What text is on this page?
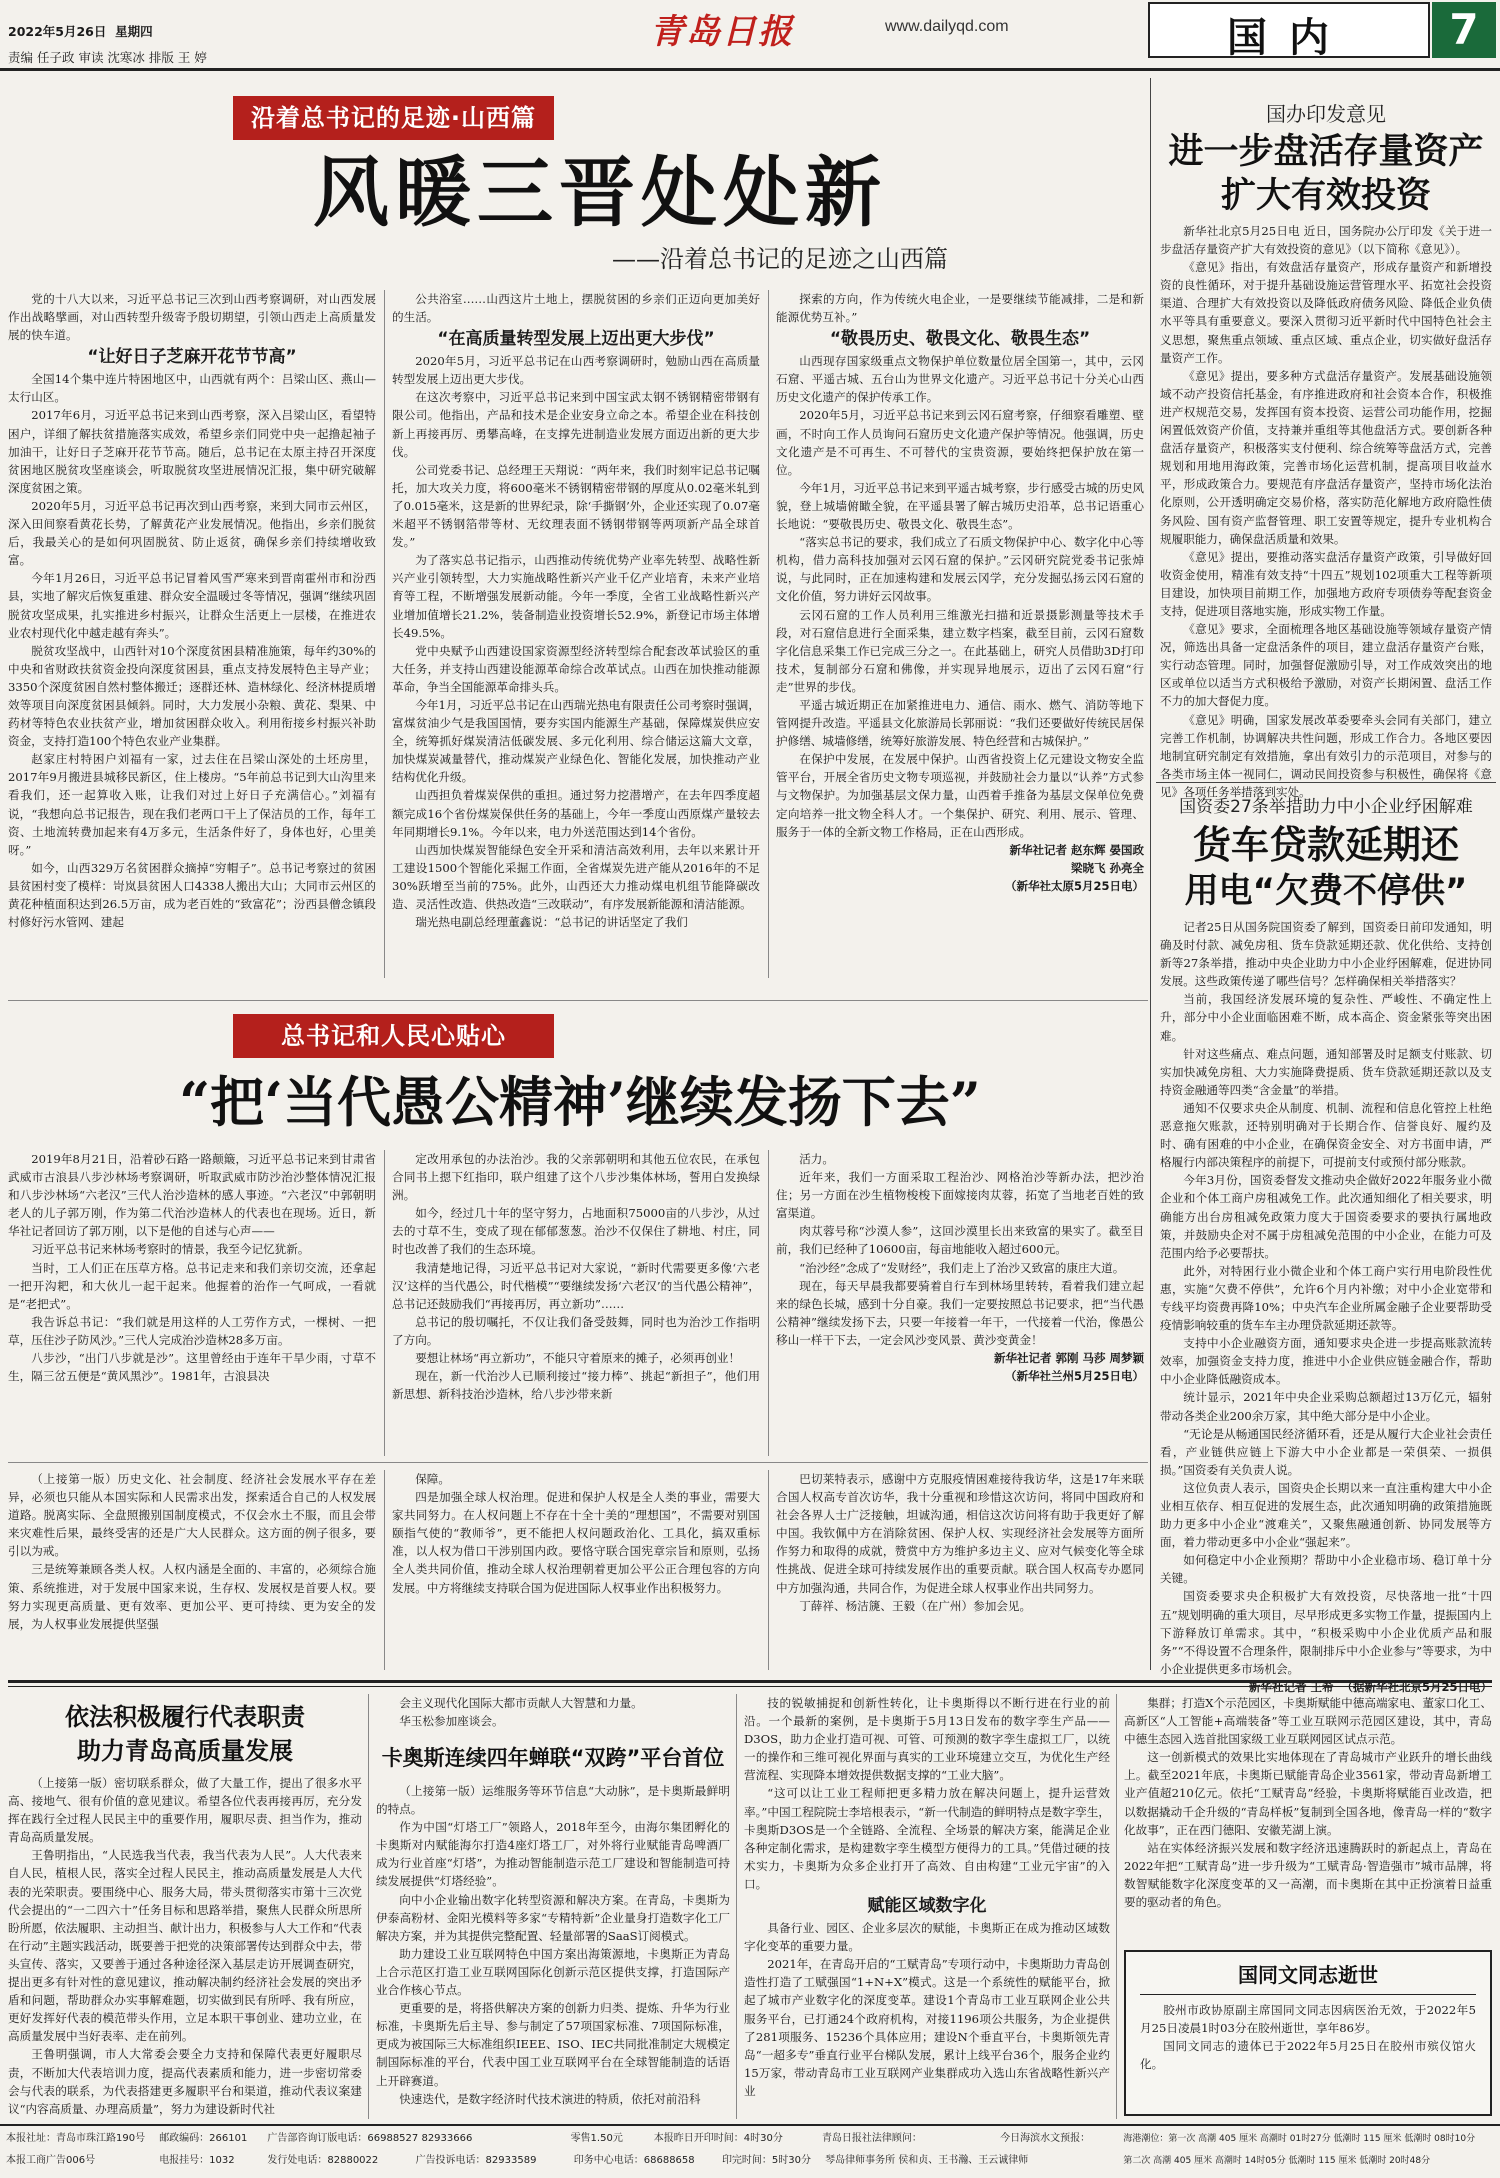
2022年5月26日 星期四
责编 任子政 审读 沈寒冰 排版 王 婷
青岛日报	www.dailyqd.com	国内	7
沿着总书记的足迹·山西篇
风暖三晋处处新
——沿着总书记的足迹之山西篇

党的十八大以来，习近平总书记三次到山西考察调研，对山西发展作出战略擘画，对山西转型升级寄予殷切期望，引领山西走上高质量发展的快车道。

“让好日子芝麻开花节节高”

全国14个集中连片特困地区中，山西就有两个：吕梁山区、燕山—太行山区。

2017年6月，习近平总书记来到山西考察，深入吕梁山区，看望特困户，详细了解扶贫措施落实成效，希望乡亲们同党中央一起撸起袖子加油干，让好日子芝麻开花节节高。随后，总书记在太原主持召开深度贫困地区脱贫攻坚座谈会，听取脱贫攻坚进展情况汇报，集中研究破解深度贫困之策。

2020年5月，习近平总书记再次到山西考察，来到大同市云州区，深入田间察看黄花长势，了解黄花产业发展情况。他指出，乡亲们脱贫后，我最关心的是如何巩固脱贫、防止返贫，确保乡亲们持续增收致富。

今年1月26日，习近平总书记冒着风雪严寒来到晋南霍州市和汾西县，实地了解灾后恢复重建、群众安全温暖过冬等情况，强调“继续巩固脱贫攻坚成果，扎实推进乡村振兴，让群众生活更上一层楼，在推进农业农村现代化中越走越有奔头”。

脱贫攻坚战中，山西针对10个深度贫困县精准施策，每年约30%的中央和省财政扶贫资金投向深度贫困县，重点支持发展特色主导产业；3350个深度贫困自然村整体搬迁；逐群还林、造林绿化、经济林提质增效等项目向深度贫困县倾斜。同时，大力发展小杂粮、黄花、梨果、中药材等特色农业扶贫产业，增加贫困群众收入。利用衔接乡村振兴补助资金，支持打造100个特色农业产业集群。

赵家庄村特困户刘福有一家，过去住在吕梁山深处的土坯房里，2017年9月搬进县城移民新区，住上楼房。“5年前总书记到大山沟里来看我们，还一起算收入账，让我们对过上好日子充满信心。”刘福有说，“我想向总书记报告，现在我们老两口干上了保洁员的工作，每年工资、土地流转费加起来有4万多元，生活条件好了，身体也好，心里美呀。”

如今，山西329万名贫困群众摘掉“穷帽子”。总书记考察过的贫困县贫困村变了模样：岢岚县贫困人口4338人搬出大山；大同市云州区的黄花种植面积达到26.5万亩，成为老百姓的“致富花”；汾西县僧念镇段村修好污水管网、建起

公共浴室……山西这片土地上，摆脱贫困的乡亲们正迈向更加美好的生活。

“在高质量转型发展上迈出更大步伐”

2020年5月，习近平总书记在山西考察调研时，勉励山西在高质量转型发展上迈出更大步伐。

在这次考察中，习近平总书记来到中国宝武太钢不锈钢精密带钢有限公司。他指出，产品和技术是企业安身立命之本。希望企业在科技创新上再接再厉、勇攀高峰，在支撑先进制造业发展方面迈出新的更大步伐。

公司党委书记、总经理王天翔说：“两年来，我们时刻牢记总书记嘱托，加大攻关力度，将600毫米不锈钢精密带钢的厚度从0.02毫米轧到了0.015毫米，这是新的世界纪录，除‘手撕钢’外，企业还实现了0.07毫米超平不锈钢箔带等材、无纹理表面不锈钢带钢等两项新产品全球首发。”

为了落实总书记指示，山西推动传统优势产业率先转型、战略性新兴产业引领转型，大力实施战略性新兴产业千亿产业培育，未来产业培育等工程，不断增强发展新动能。今年一季度，全省工业战略性新兴产业增加值增长21.2%，装备制造业投资增长52.9%，新登记市场主体增长49.5%。

党中央赋予山西建设国家资源型经济转型综合配套改革试验区的重大任务，并支持山西建设能源革命综合改革试点。山西在加快推动能源革命，争当全国能源革命排头兵。

今年1月，习近平总书记在山西瑞光热电有限责任公司考察时强调，富煤贫油少气是我国国情，要夯实国内能源生产基础，保障煤炭供应安全，统筹抓好煤炭清洁低碳发展、多元化利用、综合储运这篇大文章，加快煤炭减量替代，推动煤炭产业绿色化、智能化发展，加快推动产业结构优化升级。

山西担负着煤炭保供的重担。通过努力挖潜增产，在去年四季度超额完成16个省份煤炭保供任务的基础上，今年一季度山西原煤产量较去年同期增长9.1%。今年以来，电力外送范围达到14个省份。

山西加快煤炭智能绿色安全开采和清洁高效利用，去年以来累计开工建设1500个智能化采掘工作面，全省煤炭先进产能从2016年的不足30%跃增至当前的75%。此外，山西还大力推动煤电机组节能降碳改造、灵活性改造、供热改造“三改联动”，有序发展新能源和清洁能源。

瑞光热电副总经理董鑫说：“总书记的讲话坚定了我们

探索的方向，作为传统火电企业，一是要继续节能减排，二是和新能源优势互补。”

“敬畏历史、敬畏文化、敬畏生态”

山西现存国家级重点文物保护单位数量位居全国第一，其中，云冈石窟、平遥古城、五台山为世界文化遗产。习近平总书记十分关心山西历史文化遗产的保护传承工作。

2020年5月，习近平总书记来到云冈石窟考察，仔细察看雕塑、壁画，不时向工作人员询问石窟历史文化遗产保护等情况。他强调，历史文化遗产是不可再生、不可替代的宝贵资源，要始终把保护放在第一位。

今年1月，习近平总书记来到平遥古城考察，步行感受古城的历史风貌，登上城墙俯瞰全貌，在平遥县署了解古城历史沿革，总书记语重心长地说：“要敬畏历史、敬畏文化、敬畏生态”。

“落实总书记的要求，我们成立了石质文物保护中心、数字化中心等机构，借力高科技加强对云冈石窟的保护。”云冈研究院党委书记张焯说，与此同时，正在加速构建和发展云冈学，充分发掘弘扬云冈石窟的文化价值，努力讲好云冈故事。

云冈石窟的工作人员利用三维激光扫描和近景摄影测量等技术手段，对石窟信息进行全面采集，建立数字档案，截至目前，云冈石窟数字化信息采集工作已完成三分之一。在此基础上，研究人员借助3D打印技术，复制部分石窟和佛像，并实现异地展示，迈出了云冈石窟“行走”世界的步伐。

平遥古城近期正在加紧推进电力、通信、雨水、燃气、消防等地下管网提升改造。平遥县文化旅游局长郭丽说：“我们还要做好传统民居保护修缮、城墙修缮，统筹好旅游发展、特色经营和古城保护。”

在保护中发展，在发展中保护。山西省投资上亿元建设文物安全监管平台，开展全省历史文物专项巡视，并鼓励社会力量以“认养”方式参与文物保护。为加强基层文保力量，山西着手推备为基层文保单位免费定向培养一批文物全科人才。一个集保护、研究、利用、展示、管理、服务于一体的全新文物工作格局，正在山西形成。

新华社记者 赵东辉 晏国政

梁晓飞 孙亮全

（新华社太原5月25日电）

总书记和人民心贴心
“把‘当代愚公精神’继续发扬下去”

2019年8月21日，沿着砂石路一路颠簸，习近平总书记来到甘肃省武威市古浪县八步沙林场考察调研，听取武威市防沙治沙整体情况汇报和八步沙林场“六老汉”三代人治沙造林的感人事迹。“六老汉”中郭朝明老人的儿子郭万刚，作为第二代治沙造林人的代表也在现场。近日，新华社记者回访了郭万刚，以下是他的自述与心声——

习近平总书记来林场考察时的情景，我至今记忆犹新。

当时，工人们正在压草方格。总书记走来和我们亲切交流，还拿起一把开沟耙，和大伙儿一起干起来。他握着的治作一气呵成，一看就是“老把式”。

我告诉总书记：“我们就是用这样的人工劳作方式，一棵树、一把草，压住沙子防风沙。”三代人完成治沙造林28多万亩。

八步沙，“出门八步就是沙”。这里曾经由于连年干旱少雨，寸草不生，隔三岔五便是“黄风黑沙”。1981年，古浪县决

定改用承包的办法治沙。我的父亲郭朝明和其他五位农民，在承包合同书上摁下红指印，联户组建了这个八步沙集体林场，誓用白发换绿洲。

如今，经过几十年的坚守努力，占地面积75000亩的八步沙，从过去的寸草不生，变成了现在郁郁葱葱。治沙不仅保住了耕地、村庄，同时也改善了我们的生态环境。

我清楚地记得，习近平总书记对大家说，“新时代需要更多像‘六老汉’这样的当代愚公，时代楷模”“要继续发扬‘六老汉’的当代愚公精神”，总书记还鼓励我们“再接再厉，再立新功”……

总书记的殷切嘱托，不仅让我们备受鼓舞，同时也为治沙工作指明了方向。

要想让林场“再立新功”，不能只守着原来的摊子，必须再创业！

现在，新一代治沙人已顺利接过“接力棒”、挑起“新担子”，他们用新思想、新科技治沙造林，给八步沙带来新

活力。

近年来，我们一方面采取工程治沙、网格治沙等新办法，把沙治住；另一方面在沙生植物梭梭下面嫁接肉苁蓉，拓宽了当地老百姓的致富渠道。

肉苁蓉号称“沙漠人参”，这回沙漠里长出来致富的果实了。截至目前，我们已经种了10600亩，每亩地能收入超过600元。

“治沙经”念成了“发财经”，我们走上了治沙又致富的康庄大道。

现在，每天早晨我都要骑着自行车到林场里转转，看着我们建立起来的绿色长城，感到十分自豪。我们一定要按照总书记要求，把“当代愚公精神”继续发扬下去，只要一年接着一年干，一代接着一代治，像愚公移山一样干下去，一定会风沙变风景、黄沙变黄金！

新华社记者 郭刚 马莎 周梦颖

（新华社兰州5月25日电）

（上接第一版）历史文化、社会制度、经济社会发展水平存在差异，必须也只能从本国实际和人民需求出发，探索适合自己的人权发展道路。脱离实际、全盘照搬别国制度模式，不仅会水土不服，而且会带来灾难性后果，最终受害的还是广大人民群众。这方面的例子很多，要引以为戒。

三是统筹兼顾各类人权。人权内涵是全面的、丰富的，必须综合施策、系统推进，对于发展中国家来说，生存权、发展权是首要人权。要努力实现更高质量、更有效率、更加公平、更可持续、更为安全的发展，为人权事业发展提供坚强

保障。

四是加强全球人权治理。促进和保护人权是全人类的事业，需要大家共同努力。在人权问题上不存在十全十美的“理想国”，不需要对别国颐指气使的“教师爷”，更不能把人权问题政治化、工具化，搞双重标准，以人权为借口干涉别国内政。要恪守联合国宪章宗旨和原则，弘扬全人类共同价值，推动全球人权治理朝着更加公平公正合理包容的方向发展。中方将继续支持联合国为促进国际人权事业作出积极努力。

巴切莱特表示，感谢中方克服疫情困难接待我访华，这是17年来联合国人权高专首次访华，我十分重视和珍惜这次访问，将同中国政府和社会各界人士广泛接触，坦诚沟通，相信这次访问将有助于我更好了解中国。我钦佩中方在消除贫困、保护人权、实现经济社会发展等方面所作努力和取得的成就，赞赏中方为维护多边主义、应对气候变化等全球性挑战、促进全球可持续发展作出的重要贡献。联合国人权高专办愿同中方加强沟通，共同合作，为促进全球人权事业作出共同努力。

丁薛祥、杨洁篪、王毅（在广州）参加会见。

国办印发意见
进一步盘活存量资产
扩大有效投资

新华社北京5月25日电 近日，国务院办公厅印发《关于进一步盘活存量资产扩大有效投资的意见》（以下简称《意见》）。

《意见》指出，有效盘活存量资产，形成存量资产和新增投资的良性循环，对于提升基础设施运营管理水平、拓宽社会投资渠道、合理扩大有效投资以及降低政府债务风险、降低企业负债水平等具有重要意义。要深入贯彻习近平新时代中国特色社会主义思想，聚焦重点领域、重点区域、重点企业，切实做好盘活存量资产工作。

《意见》提出，要多种方式盘活存量资产。发展基础设施领域不动产投资信托基金，有序推进政府和社会资本合作，积极推进产权规范交易，发挥国有资本投资、运营公司功能作用，挖掘闲置低效资产价值，支持兼并重组等其他盘活方式。要创新各种盘活存量资产，积极落实支付便利、综合统筹等盘活方式，完善规划和用地用海政策，完善市场化运营机制，提高项目收益水平，形成政策合力。要规范有序盘活存量资产，坚持市场化法治化原则，公开透明确定交易价格，落实防范化解地方政府隐性债务风险、国有资产监督管理、职工安置等规定，提升专业机构合规履职能力，确保盘活质量和效果。

《意见》提出，要推动落实盘活存量资产政策，引导做好回收资金使用，精准有效支持“十四五”规划102项重大工程等新项目建设，加快项目前期工作，加强地方政府专项债券等配套资金支持，促进项目落地实施，形成实物工作量。

《意见》要求，全面梳理各地区基础设施等领域存量资产情况，筛选出具备一定盘活条件的项目，建立盘活存量资产台账，实行动态管理。同时，加强督促激励引导，对工作成效突出的地区或单位以适当方式积极给予激励，对资产长期闲置、盘活工作不力的加大督促力度。

《意见》明确，国家发展改革委要牵头会同有关部门，建立完善工作机制，协调解决共性问题，形成工作合力。各地区要因地制宜研究制定有效措施，拿出有效引力的示范项目，对参与的各类市场主体一视同仁，调动民间投资参与积极性，确保将《意见》各项任务举措落到实处。

国资委27条举措助力中小企业纾困解难
货车贷款延期还
用电“欠费不停供”

记者25日从国务院国资委了解到，国资委日前印发通知，明确及时付款、减免房租、货车贷款延期还款、优化供给、支持创新等27条举措，推动中央企业助力中小企业纾困解难，促进协同发展。这些政策传递了哪些信号？怎样确保相关举措落实？

当前，我国经济发展环境的复杂性、严峻性、不确定性上升，部分中小企业面临困难不断，成本高企、资金紧张等突出困难。

针对这些痛点、难点问题，通知部署及时足额支付账款、切实加快减免房租、大力实施降费提质、货车贷款延期还款以及支持资金融通等四类“含金量”的举措。

通知不仅要求央企从制度、机制、流程和信息化管控上杜绝恶意拖欠账款，还特别明确对于长期合作、信誉良好、履约及时、确有困难的中小企业，在确保资金安全、对方书面申请，严格履行内部决策程序的前提下，可提前支付或预付部分账款。

今年3月份，国资委督发文推动央企做好2022年服务业小微企业和个体工商户房租减免工作。此次通知细化了相关要求，明确能方出台房租减免政策力度大于国资委要求的要执行属地政策，并鼓励央企对不属于房租减免范围的中小企业，在能力可及范围内给予必要帮扶。

此外，对特困行业小微企业和个体工商户实行用电阶段性优惠，实施“欠费不停供”，允许6个月内补缴；对中小企业宽带和专线平均资费再降10%；中央汽车企业所属金融子企业要帮助受疫情影响较重的货车车主办理贷款延期还款等。

支持中小企业融资方面，通知要求央企进一步提高账款流转效率，加强资金支持力度，推进中小企业供应链金融合作，帮助中小企业降低融资成本。

统计显示，2021年中央企业采购总额超过13万亿元，辐射带动各类企业200余万家，其中绝大部分是中小企业。

“无论是从畅通国民经济循环看，还是从履行大企业社会责任看，产业链供应链上下游大中小企业都是一荣俱荣、一损俱损。”国资委有关负责人说。

这位负责人表示，国资央企长期以来一直注重构建大中小企业相互依存、相互促进的发展生态，此次通知明确的政策措施既助力更多中小企业“渡难关”，又聚焦融通创新、协同发展等方面，着力带动更多中小企业“强起来”。

如何稳定中小企业预期？帮助中小企业稳市场、稳订单十分关键。

国资委要求央企积极扩大有效投资，尽快落地一批“十四五”规划明确的重大项目，尽早形成更多实物工作量，提振国内上下游释放订单需求。其中，“积极采购中小企业优质产品和服务”“不得设置不合理条件，限制排斥中小企业参与”等要求，为中小企业提供更多市场机会。

依法积极履行代表职责
助力青岛高质量发展

（上接第一版）密切联系群众，做了大量工作，提出了很多水平高、接地气、很有价值的意见建议。希望各位代表再接再厉，充分发挥在践行全过程人民民主中的重要作用，履职尽责、担当作为，推动青岛高质量发展。

王鲁明指出，“人民选我当代表，我当代表为人民”。人大代表来自人民，植根人民，落实全过程人民民主，推动高质量发展是人大代表的光荣职责。要围绕中心、服务大局，带头贯彻落实市第十三次党代会提出的“一二四六十”任务目标和思路举措，聚焦人民群众所思所盼所愿，依法履职、主动担当、献计出力，积极参与人大工作和“代表在行动”主题实践活动，既要善于把党的决策部署传达到群众中去，带头宣传、落实，又要善于通过各种途径深入基层走访开展调查研究，提出更多有针对性的意见建议，推动解决制约经济社会发展的突出矛盾和问题，帮助群众办实事解难题，切实做到民有所呼、我有所应，更好发挥好代表的模范带头作用，立足本职干事创业、建功立业，在高质量发展中当好表率、走在前列。

王鲁明强调，市人大常委会要全力支持和保障代表更好履职尽责，不断加大代表培训力度，提高代表素质和能力，进一步密切常委会与代表的联系，为代表搭建更多履职平台和渠道，推动代表议案建议“内容高质量、办理高质量”，努力为建设新时代社

会主义现代化国际大都市贡献人大智慧和力量。

华玉松参加座谈会。

卡奥斯连续四年蝉联“双跨”平台首位

（上接第一版）运维服务等环节信息“大动脉”，是卡奥斯最鲜明的特点。

作为中国“灯塔工厂”领路人，2018年至今，由海尔集团孵化的卡奥斯对内赋能海尔打造4座灯塔工厂，对外将行业赋能青岛啤酒厂成为行业首座“灯塔”，为推动智能制造示范工厂建设和智能制造可持续发展提供“灯塔经验”。

向中小企业输出数字化转型资源和解决方案。在青岛，卡奥斯为伊泰高粉材、金阳光模料等多家“专精特新”企业量身打造数字化工厂解决方案，并为其提供完整配置、轻量部署的SaaS订阅模式。

助力建设工业互联网特色中国方案出海策源地，卡奥斯正为青岛上合示范区打造工业互联网国际化创新示范区提供支撑，打造国际产业合作核心节点。

更重要的是，将搭供解决方案的创新力归类、提炼、升华为行业标准，卡奥斯先后主导、参与制定了57项国家标准、7项国际标准，更成为被国际三大标准组织IEEE、ISO、IEC共同批准制定大规模定制国际标准的平台，代表中国工业互联网平台在全球智能制造的话语上开辟赛道。

快速迭代，是数字经济时代技术演进的特质，依托对前沿科

技的锐敏捕捉和创新性转化，让卡奥斯得以不断行进在行业的前沿。一个最新的案例，是卡奥斯于5月13日发布的数字孪生产品——D3OS，助力企业打造可视、可管、可预测的数字孪生虚拟工厂，以统一的操作和三维可视化界面与真实的工业环境建立交互，为优化生产经营流程、实现降本增效提供数据支撑的“工业大脑”。

“这可以让工业工程师把更多精力放在解决问题上，提升运营效率。”中国工程院院士李培根表示，“新一代制造的鲜明特点是数字孪生，卡奥斯D3OS是一个全链路、全流程、全场景的解决方案，能满足企业各种定制化需求，是构建数字孪生模型方便得力的工具。”凭借过硬的技术实力，卡奥斯为众多企业打开了高效、自由构建“工业元宇宙”的入口。

赋能区域数字化

具备行业、园区、企业多层次的赋能，卡奥斯正在成为推动区域数字化变革的重要力量。

2021年，在青岛开启的“工赋青岛”专项行动中，卡奥斯助力青岛创造性打造了工赋强国“1+N+X”模式。这是一个系统性的赋能平台，掀起了城市产业数字化的深度变革。建设1个青岛市工业互联网企业公共服务平台，已打通24个政府机构，对接1196项公共服务，为企业提供了281项服务、15236个具体应用；建设N个垂直平台，卡奥斯领先青岛“一超多专”垂直行业平台梯队发展，累计上线平台36个，服务企业约15万家，带动青岛市工业互联网产业集群成功入选山东省战略性新兴产业

集群；打造X个示范园区，卡奥斯赋能中德高端家电、董家口化工、高新区“人工智能+高端装备”等工业互联网示范园区建设，其中，青岛中德生态园入选首批国家级工业互联网园区试点示范。

这一创新模式的效果比实地体现在了青岛城市产业跃升的增长曲线上。截至2021年底，卡奥斯已赋能青岛企业3561家，带动青岛新增工业产值超210亿元。依托“工赋青岛”经验，卡奥斯将赋能百业改造，把以数据撬动千企升级的“青岛样板”复制到全国各地，像青岛一样的“数字化故事”，正在西门德阳、安徽芜湖上演。

站在实体经济振兴发展和数字经济迅速腾跃时的新起点上，青岛在2022年把“工赋青岛”进一步升级为“工赋青岛·智造强市”城市品牌，将数智赋能数字化深度变革的又一高潮，而卡奥斯在其中正扮演着日益重要的驱动者的角色。

国同文同志逝世

胶州市政协原副主席国同文同志因病医治无效，于2022年5月25日凌晨1时03分在胶州逝世，享年86岁。

国同文同志的遗体已于2022年5月25日在胶州市殡仪馆火化。

本报社址：青岛市珠江路190号 邮政编码：266101 广告部咨询订版电话：66988527 82933666	零售1.50元	本报昨日开印时间：4时30分	青岛日报社法律顾问：	今日海滨水文预报：	海港潮位：第一次 高潮 405 厘米 高潮时 01时27分 低潮时 115 厘米 低潮时 08时10分
本报工商广告006号	电报挂号：1032	发行处电话：82880022	广告投诉电话：82933589	印务中心电话：68688658	印完时间：5时30分 琴岛律师事务所 侯和贞、王书瀚、王云诚律师	第二次 高潮 405 厘米 高潮时 14时05分 低潮时 115 厘米 低潮时 20时48分
